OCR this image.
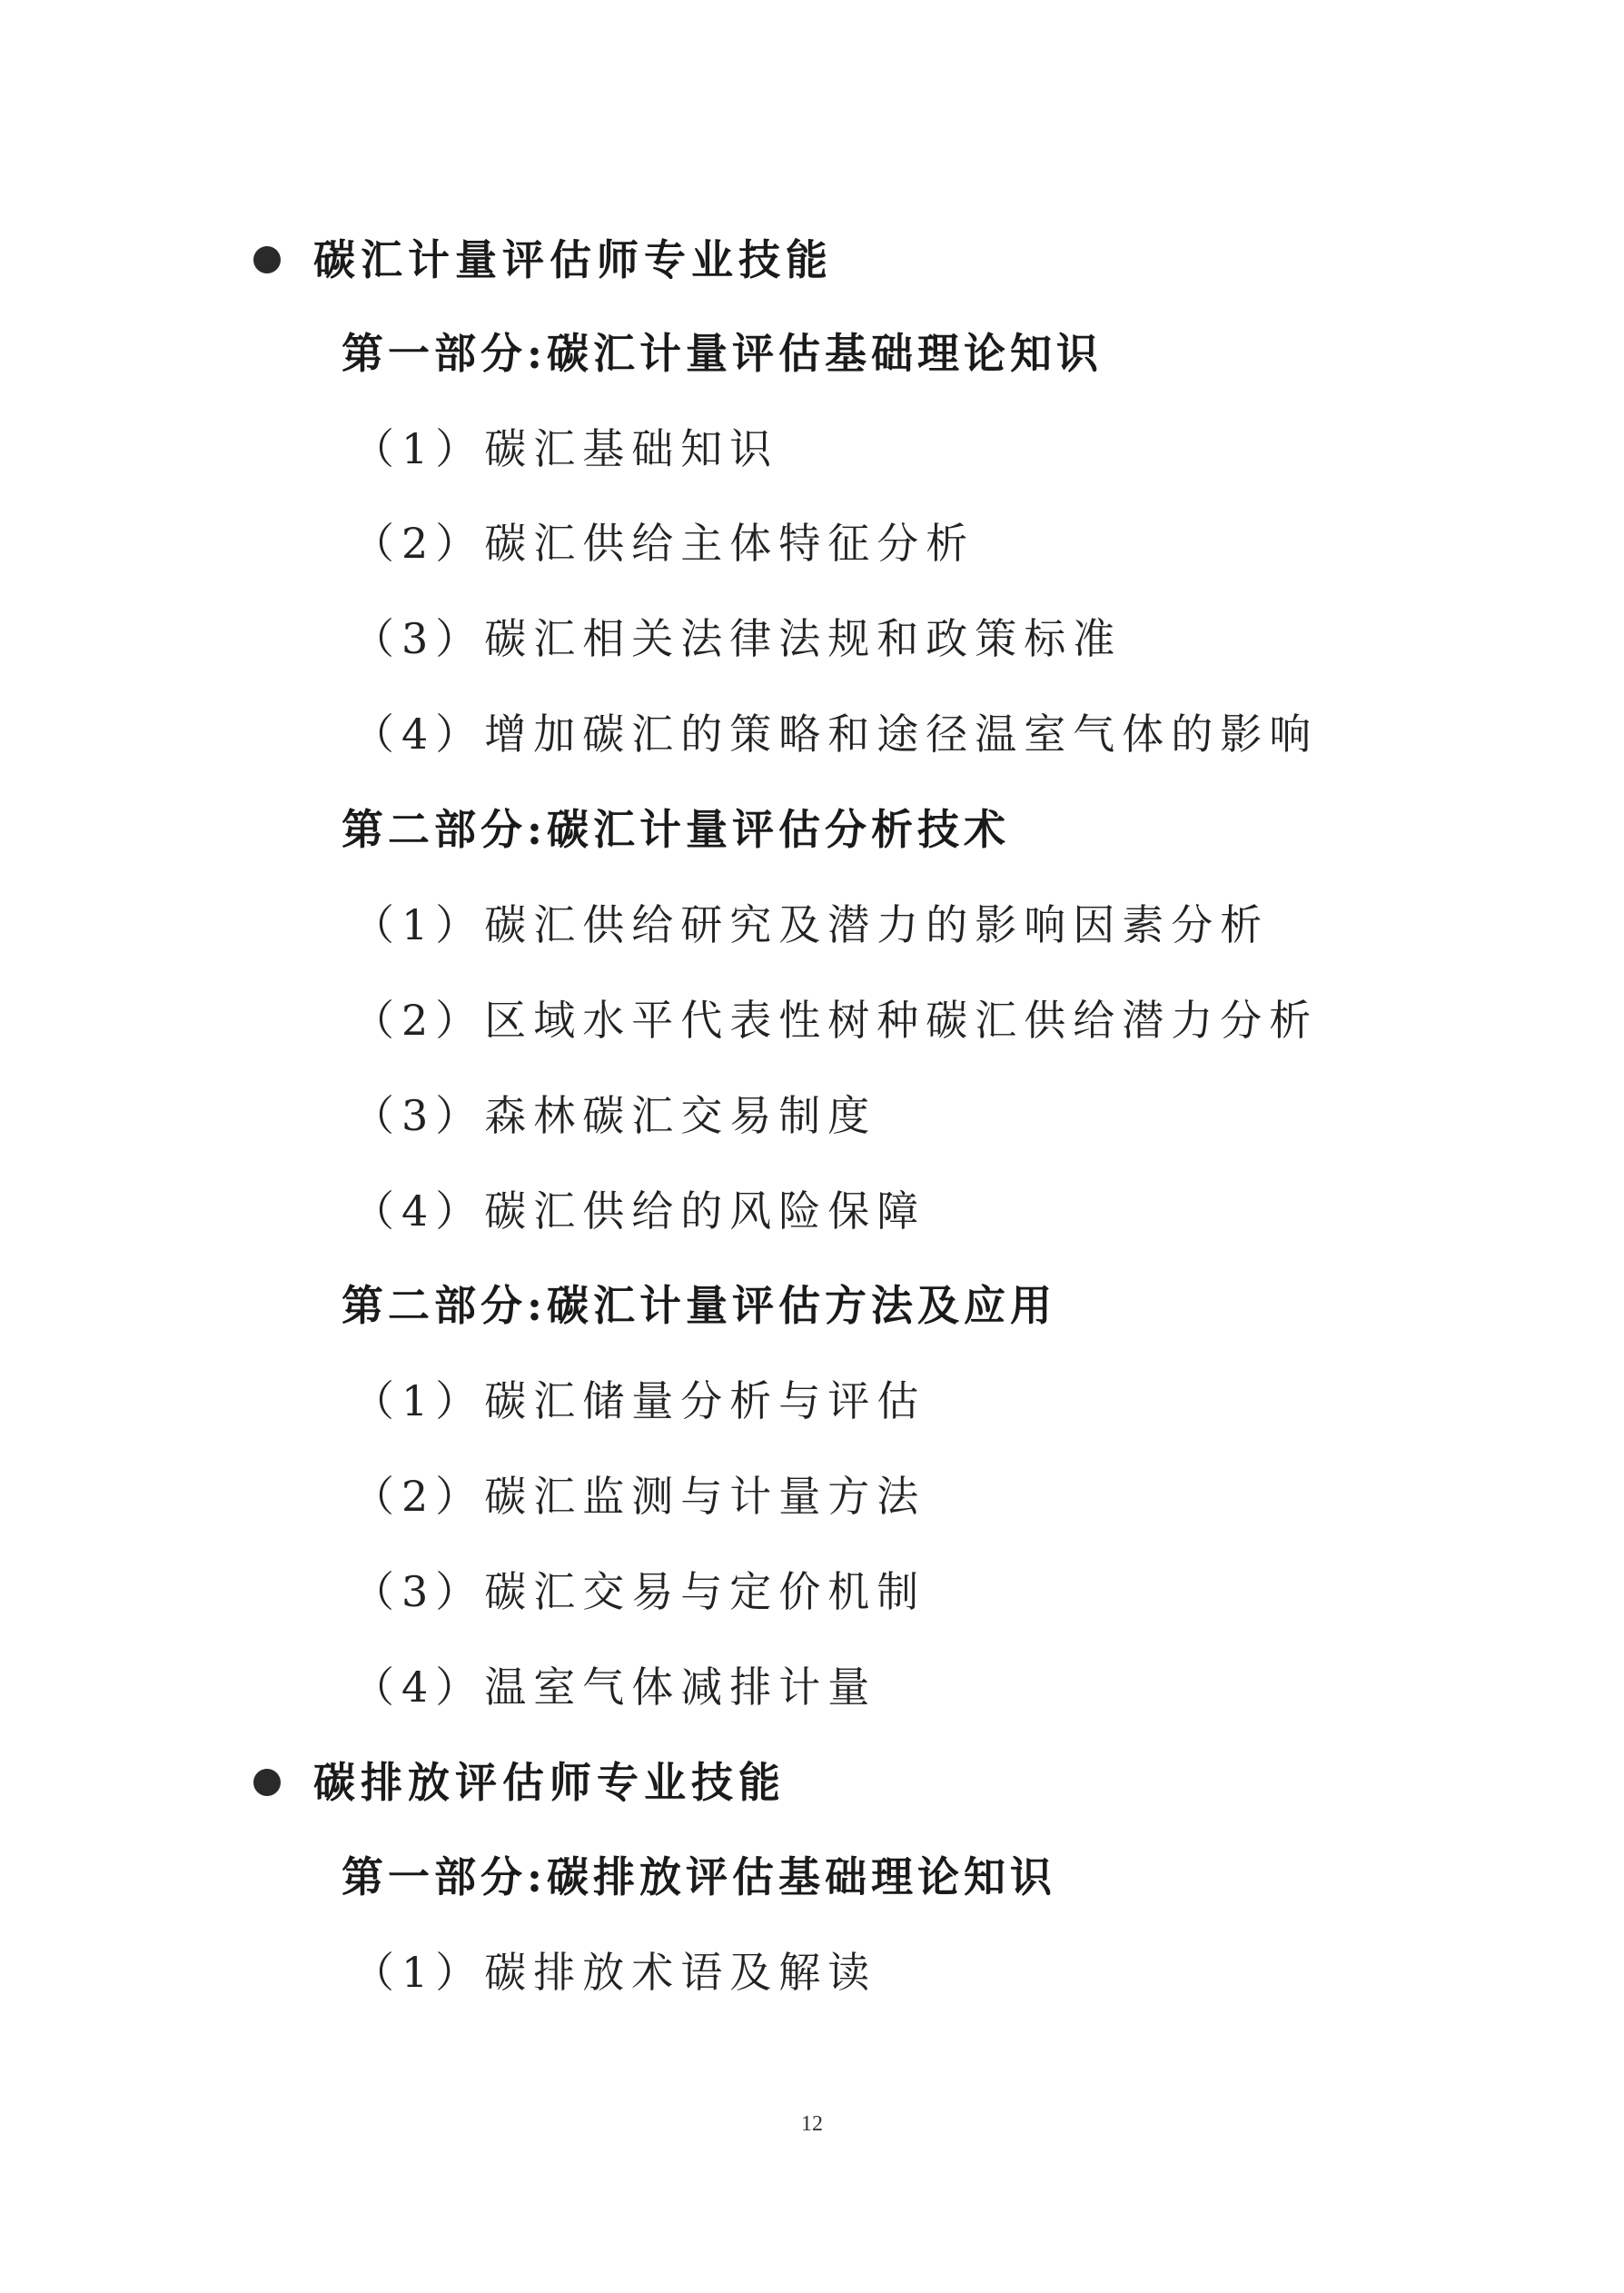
碳汇计量评估师专业技能
第一部分:碳汇计量评估基础理论知识
（1）碳汇基础知识
（2）碳汇供给主体特征分析
（3）碳汇相关法律法规和政策标准
（4）增加碳汇的策略和途径温室气体的影响
第二部分:碳汇计量评估分析技术
（1）碳汇供给研究及潜力的影响因素分析
（2）区域水平代表性树种碳汇供给潜力分析
（3）森林碳汇交易制度
（4）碳汇供给的风险保障
第二部分:碳汇计量评估方法及应用
（1）碳汇储量分析与评估
（2）碳汇监测与计量方法
（3）碳汇交易与定价机制
（4）温室气体减排计量
碳排放评估师专业技能
第一部分:碳排放评估基础理论知识
（1）碳排放术语及解读
12
